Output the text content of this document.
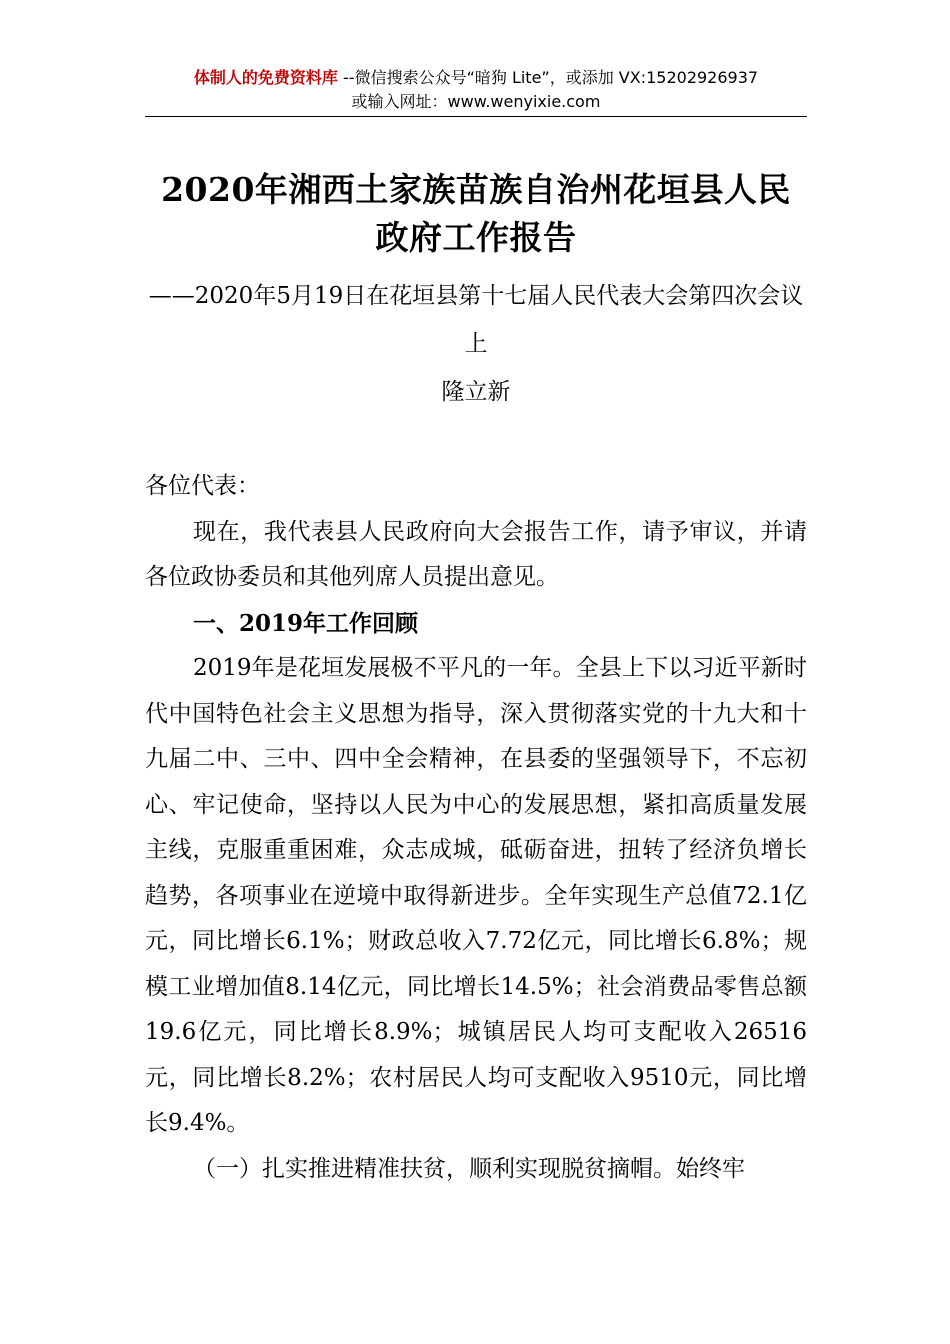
体制人的免费资料库 --微信搜索公众号“暗狗 Lite”，或添加 VX:15202926937
或输入网址：www.wenyixie.com
2020年湘西土家族苗族自治州花垣县人民
政府工作报告
——2020年5月19日在花垣县第十七届人民代表大会第四次会议上
隆立新

各位代表：

现在，我代表县人民政府向大会报告工作，请予审议，并请各位政协委员和其他列席人员提出意见。

一、2019年工作回顾

2019年是花垣发展极不平凡的一年。全县上下以习近平新时代中国特色社会主义思想为指导，深入贯彻落实党的十九大和十九届二中、三中、四中全会精神，在县委的坚强领导下，不忘初心、牢记使命，坚持以人民为中心的发展思想，紧扣高质量发展主线，克服重重困难，众志成城，砥砺奋进，扭转了经济负增长趋势，各项事业在逆境中取得新进步。全年实现生产总值72.1亿元，同比增长6.1%；财政总收入7.72亿元，同比增长6.8%；规模工业增加值8.14亿元，同比增长14.5%；社会消费品零售总额19.6亿元，同比增长8.9%；城镇居民人均可支配收入26516元，同比增长8.2%；农村居民人均可支配收入9510元，同比增长9.4%。

（一）扎实推进精准扶贫，顺利实现脱贫摘帽。始终牢
